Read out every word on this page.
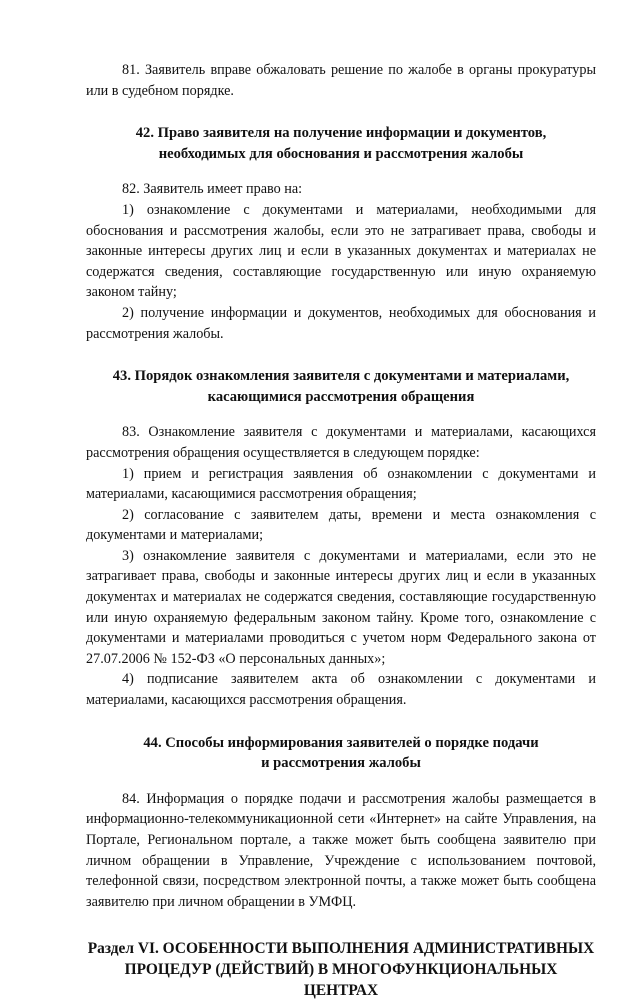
81. Заявитель вправе обжаловать решение по жалобе в органы прокуратуры или в судебном порядке.

42. Право заявителя на получение информации и документов,
необходимых для обоснования и рассмотрения жалобы

82. Заявитель имеет право на:

1) ознакомление с документами и материалами, необходимыми для обоснования и рассмотрения жалобы, если это не затрагивает права, свободы и законные интересы других лиц и если в указанных документах и материалах не содержатся сведения, составляющие государственную или иную охраняемую законом тайну;

2) получение информации и документов, необходимых для обоснования и рассмотрения жалобы.

43. Порядок ознакомления заявителя с документами и материалами,
касающимися рассмотрения обращения

83. Ознакомление заявителя с документами и материалами, касающихся рассмотрения обращения осуществляется в следующем порядке:

1) прием и регистрация заявления об ознакомлении с документами и материалами, касающимися рассмотрения обращения;

2) согласование с заявителем даты, времени и места ознакомления с документами и материалами;

3) ознакомление заявителя с документами и материалами, если это не затрагивает права, свободы и законные интересы других лиц и если в указанных документах и материалах не содержатся сведения, составляющие государственную или иную охраняемую федеральным законом тайну. Кроме того, ознакомление с документами и материалами проводиться с учетом норм Федерального закона от 27.07.2006 № 152-ФЗ «О персональных данных»;

4) подписание заявителем акта об ознакомлении с документами и материалами, касающихся рассмотрения обращения.

44. Способы информирования заявителей о порядке подачи
и рассмотрения жалобы

84. Информация о порядке подачи и рассмотрения жалобы размещается в информационно-телекоммуникационной сети «Интернет» на сайте Управления, на Портале, Региональном портале, а также может быть сообщена заявителю при личном обращении в Управление, Учреждение с использованием почтовой, телефонной связи, посредством электронной почты, а также может быть сообщена заявителю при личном обращении в УМФЦ.

Раздел VI. ОСОБЕННОСТИ ВЫПОЛНЕНИЯ АДМИНИСТРАТИВНЫХ
ПРОЦЕДУР (ДЕЙСТВИЙ) В МНОГОФУНКЦИОНАЛЬНЫХ ЦЕНТРАХ
